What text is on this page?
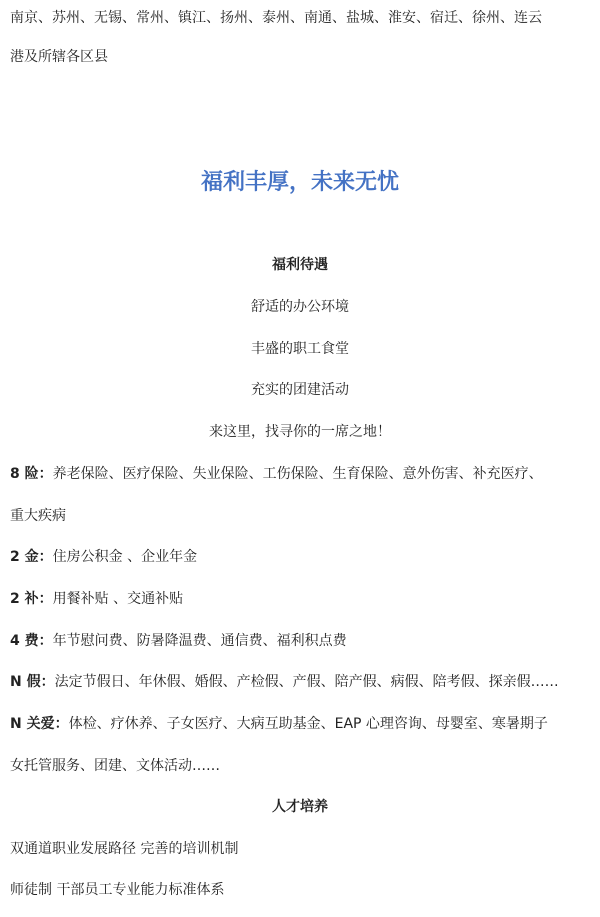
南京、苏州、无锡、常州、镇江、扬州、泰州、南通、盐城、淮安、宿迁、徐州、连云

港及所辖各区县

福利丰厚，未来无忧

福利待遇

舒适的办公环境

丰盛的职工食堂

充实的团建活动

来这里，找寻你的一席之地！

8 险：养老保险、医疗保险、失业保险、工伤保险、生育保险、意外伤害、补充医疗、

重大疾病

2 金：住房公积金 、企业年金

2 补：用餐补贴 、交通补贴

4 费：年节慰问费、防暑降温费、通信费、福利积点费

N 假：法定节假日、年休假、婚假、产检假、产假、陪产假、病假、陪考假、探亲假……

N 关爱：体检、疗休养、子女医疗、大病互助基金、EAP 心理咨询、母婴室、寒暑期子

女托管服务、团建、文体活动……

人才培养

双通道职业发展路径 完善的培训机制

师徒制 干部员工专业能力标准体系
